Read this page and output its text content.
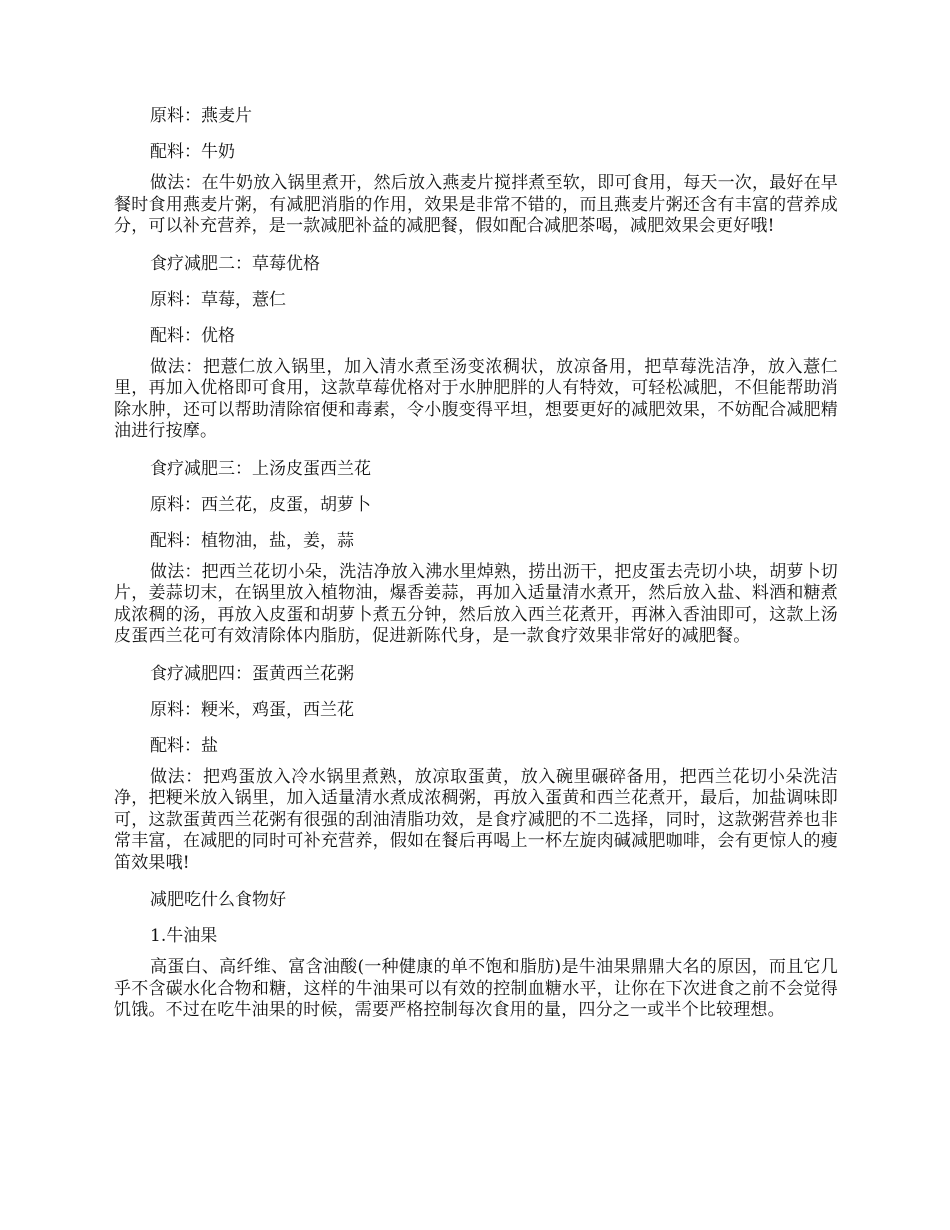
原料：燕麦片
配料：牛奶
做法：在牛奶放入锅里煮开，然后放入燕麦片搅拌煮至软，即可食用，每天一次，最好在早餐时食用燕麦片粥，有减肥消脂的作用，效果是非常不错的，而且燕麦片粥还含有丰富的营养成分，可以补充营养，是一款减肥补益的减肥餐，假如配合减肥茶喝，减肥效果会更好哦!
食疗减肥二：草莓优格
原料：草莓，薏仁
配料：优格
做法：把薏仁放入锅里，加入清水煮至汤变浓稠状，放凉备用，把草莓洗洁净，放入薏仁里，再加入优格即可食用，这款草莓优格对于水肿肥胖的人有特效，可轻松减肥，不但能帮助消除水肿，还可以帮助清除宿便和毒素，令小腹变得平坦，想要更好的减肥效果，不妨配合减肥精油进行按摩。
食疗减肥三：上汤皮蛋西兰花
原料：西兰花，皮蛋，胡萝卜
配料：植物油，盐，姜，蒜
做法：把西兰花切小朵，洗洁净放入沸水里焯熟，捞出沥干，把皮蛋去壳切小块，胡萝卜切片，姜蒜切末，在锅里放入植物油，爆香姜蒜，再加入适量清水煮开，然后放入盐、料酒和糖煮成浓稠的汤，再放入皮蛋和胡萝卜煮五分钟，然后放入西兰花煮开，再淋入香油即可，这款上汤皮蛋西兰花可有效清除体内脂肪，促进新陈代身，是一款食疗效果非常好的减肥餐。
食疗减肥四：蛋黄西兰花粥
原料：粳米，鸡蛋，西兰花
配料：盐
做法：把鸡蛋放入冷水锅里煮熟，放凉取蛋黄，放入碗里碾碎备用，把西兰花切小朵洗洁净，把粳米放入锅里，加入适量清水煮成浓稠粥，再放入蛋黄和西兰花煮开，最后，加盐调味即可，这款蛋黄西兰花粥有很强的刮油清脂功效，是食疗减肥的不二选择，同时，这款粥营养也非常丰富，在减肥的同时可补充营养，假如在餐后再喝上一杯左旋肉碱减肥咖啡，会有更惊人的瘦笛效果哦!
减肥吃什么食物好
1.牛油果
高蛋白、高纤维、富含油酸(一种健康的单不饱和脂肪)是牛油果鼎鼎大名的原因，而且它几乎不含碳水化合物和糖，这样的牛油果可以有效的控制血糖水平，让你在下次进食之前不会觉得饥饿。不过在吃牛油果的时候，需要严格控制每次食用的量，四分之一或半个比较理想。
